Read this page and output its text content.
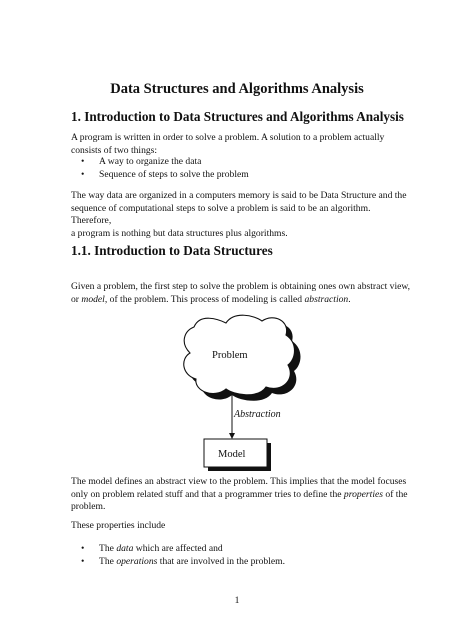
Data Structures and Algorithms Analysis
1. Introduction to Data Structures and Algorithms Analysis
A program is written in order to solve a problem. A solution to a problem actually
consists of two things:
• A way to organize the data
• Sequence of steps to solve the problem
The way data are organized in a computers memory is said to be Data Structure and the
sequence of computational steps to solve a problem is said to be an algorithm. Therefore,
a program is nothing but data structures plus algorithms.
1.1. Introduction to Data Structures
Given a problem, the first step to solve the problem is obtaining ones own abstract view,
or model, of the problem. This process of modeling is called abstraction.
Problem
Abstraction
Model
The model defines an abstract view to the problem. This implies that the model focuses
only on problem related stuff and that a programmer tries to define the properties of the
problem.
These properties include
• The data which are affected and
• The operations that are involved in the problem.
1
